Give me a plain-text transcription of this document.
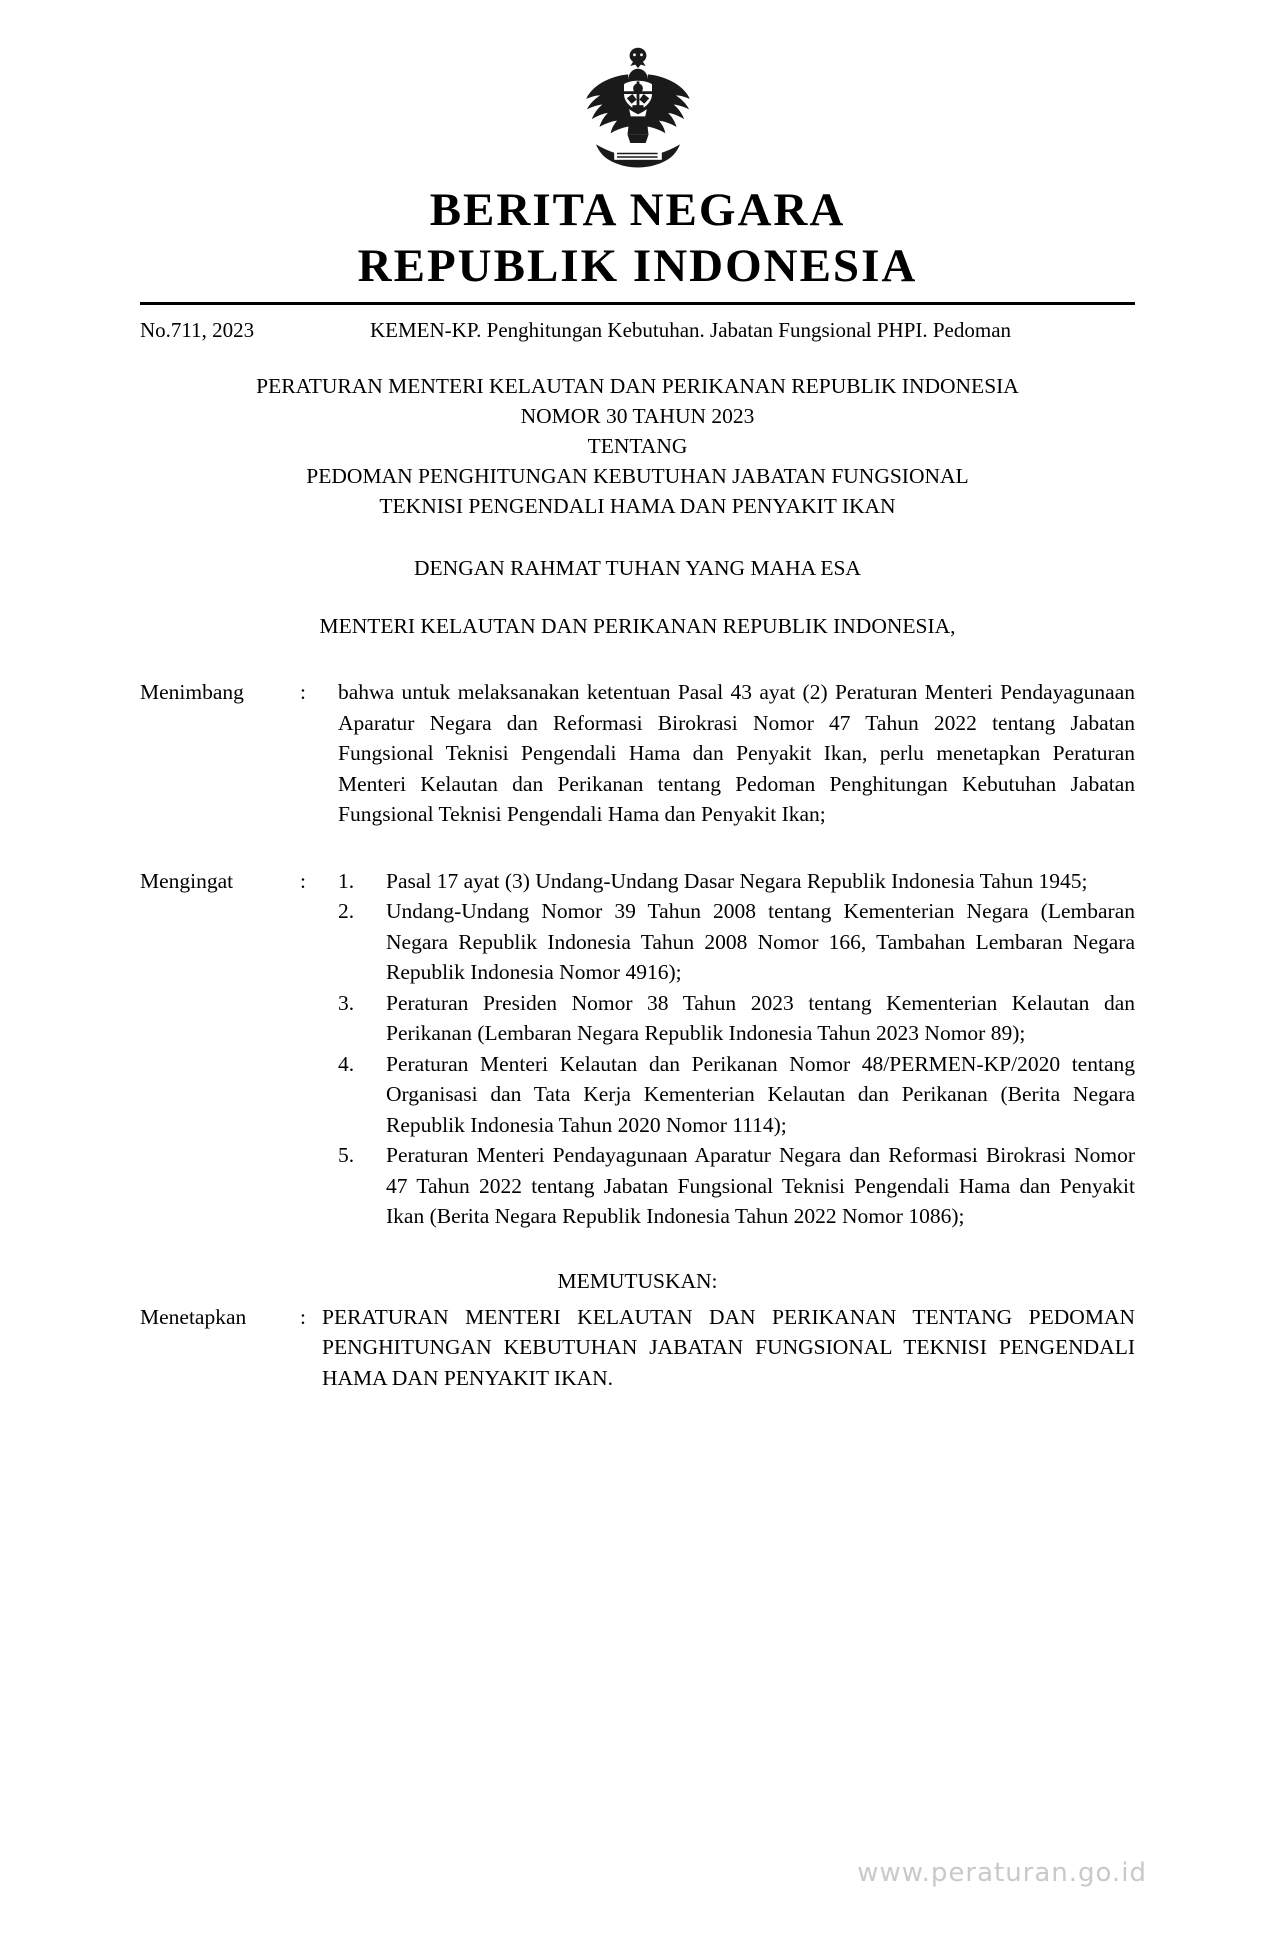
BERITA NEGARA
REPUBLIK INDONESIA
No.711, 2023	KEMEN-KP. Penghitungan Kebutuhan. Jabatan Fungsional PHPI. Pedoman
PERATURAN MENTERI KELAUTAN DAN PERIKANAN REPUBLIK INDONESIA
NOMOR 30 TAHUN 2023
TENTANG
PEDOMAN PENGHITUNGAN KEBUTUHAN JABATAN FUNGSIONAL
TEKNISI PENGENDALI HAMA DAN PENYAKIT IKAN
DENGAN RAHMAT TUHAN YANG MAHA ESA
MENTERI KELAUTAN DAN PERIKANAN REPUBLIK INDONESIA,
Menimbang	:	bahwa untuk melaksanakan ketentuan Pasal 43 ayat (2) Peraturan Menteri Pendayagunaan Aparatur Negara dan Reformasi Birokrasi Nomor 47 Tahun 2022 tentang Jabatan Fungsional Teknisi Pengendali Hama dan Penyakit Ikan, perlu menetapkan Peraturan Menteri Kelautan dan Perikanan tentang Pedoman Penghitungan Kebutuhan Jabatan Fungsional Teknisi Pengendali Hama dan Penyakit Ikan;
Mengingat	:	1.	Pasal 17 ayat (3) Undang-Undang Dasar Negara Republik Indonesia Tahun 1945;
2.	Undang-Undang Nomor 39 Tahun 2008 tentang Kementerian Negara (Lembaran Negara Republik Indonesia Tahun 2008 Nomor 166, Tambahan Lembaran Negara Republik Indonesia Nomor 4916);
3.	Peraturan Presiden Nomor 38 Tahun 2023 tentang Kementerian Kelautan dan Perikanan (Lembaran Negara Republik Indonesia Tahun 2023 Nomor 89);
4.	Peraturan Menteri Kelautan dan Perikanan Nomor 48/PERMEN-KP/2020 tentang Organisasi dan Tata Kerja Kementerian Kelautan dan Perikanan (Berita Negara Republik Indonesia Tahun 2020 Nomor 1114);
5.	Peraturan Menteri Pendayagunaan Aparatur Negara dan Reformasi Birokrasi Nomor 47 Tahun 2022 tentang Jabatan Fungsional Teknisi Pengendali Hama dan Penyakit Ikan (Berita Negara Republik Indonesia Tahun 2022 Nomor 1086);
MEMUTUSKAN:
Menetapkan	: PERATURAN MENTERI KELAUTAN DAN PERIKANAN TENTANG PEDOMAN PENGHITUNGAN KEBUTUHAN JABATAN FUNGSIONAL TEKNISI PENGENDALI HAMA DAN PENYAKIT IKAN.
www.peraturan.go.id
